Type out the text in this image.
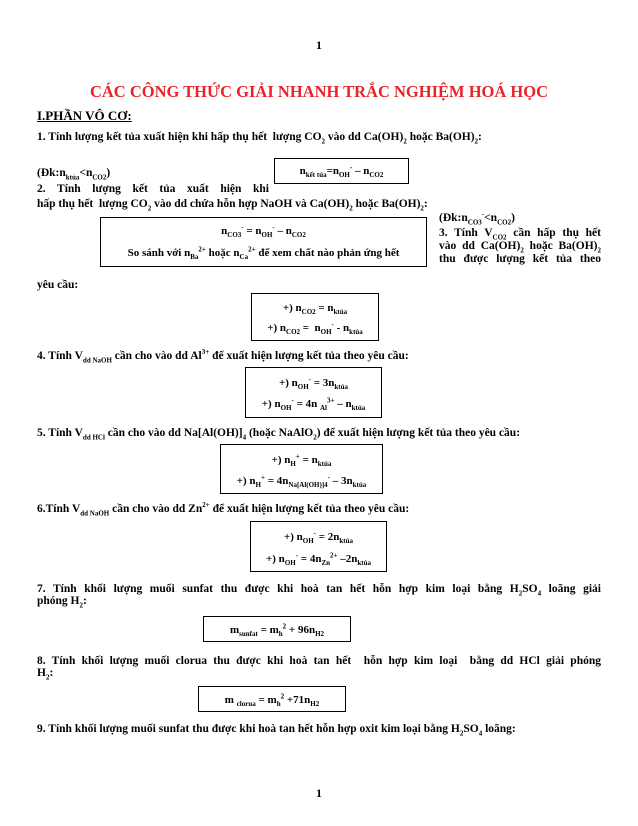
1
CÁC CÔNG THỨC GIẢI NHANH TRẮC NGHIỆM HOÁ HỌC
I.PHẦN VÔ CƠ:
1. Tính lượng kết tủa xuất hiện khi hấp thụ hết  lượng $CO_2$ vào dd $Ca(OH)_2$ hoặc $Ba(OH)_2$:
$(Đk:n_{ktủa}<n_{CO2})$	$n_{kết tủa}=n_{OH}^- - n_{CO2}$
2. Tính lượng kết tủa xuất hiện khi
hấp thụ hết  lượng $CO_2$ vào dd chứa hỗn hợp NaOH và $Ca(OH)_2$ hoặc $Ba(OH)_2$:
$n_{CO3}^- = n_{OH}^- - n_{CO2}$
So sánh với $n_{Ba}^{2+}$ hoặc $n_{Ca}^{2+}$ để xem chất nào phản ứng hết
$(Đk:n_{CO3}^-<n_{CO2})$
3. Tính $V_{CO2}$ cần hấp thụ hết
vào dd $Ca(OH)_2$ hoặc $Ba(OH)_2$
thu được lượng kết tủa theo
yêu cầu:
+) $n_{CO2} = n_{ktủa}$
+) $n_{CO2} = n_{OH}^- - n_{ktủa}$
4. Tính $V_{dd NaOH}$ cần cho vào dd $Al^{3+}$ để xuất hiện lượng kết tủa theo yêu cầu:
+) $n_{OH}^- = 3n_{ktủa}$
+) $n_{OH}^- = 4n$ $_{Al}^{3+} - n_{ktủa}$
5. Tính $V_{dd HCl}$ cần cho vào dd $Na[Al(OH)]_4$ (hoặc NaAlO$_2$) để xuất hiện lượng kết tủa theo yêu cầu:
+) $n_H^+ = n_{ktủa}$
+) $n_H^+ = 4n_{Na[Al(OH)]4}^- - 3n_{ktủa}$
6.Tính $V_{dd NaOH}$ cần cho vào dd $Zn^{2+}$ để xuất hiện lượng kết tủa theo yêu cầu:
+) $n_{OH}^- = 2n_{ktủa}$
+) $n_{OH}^- = 4n_{Zn}^{2+}$ $-2n_{ktủa}$
7. Tính khối lượng muối sunfat thu được khi hoà tan hết hỗn hợp kim loại bằng $H_2SO_4$ loãng giải
phóng $H_2$:
$m_{sunfat} = m_h^2 + 96n_{H2}$
8. Tính khối lượng muối clorua thu được khi hoà tan hết  hỗn hợp kim loại  bằng dd HCl giải phóng
$H_2$:
m $_{clorua} = m_h^2 +71n_{H2}$
9. Tính khối lượng muối sunfat thu được khi hoà tan hết hỗn hợp oxit kim loại bằng $H_2SO_4$ loãng:
1
